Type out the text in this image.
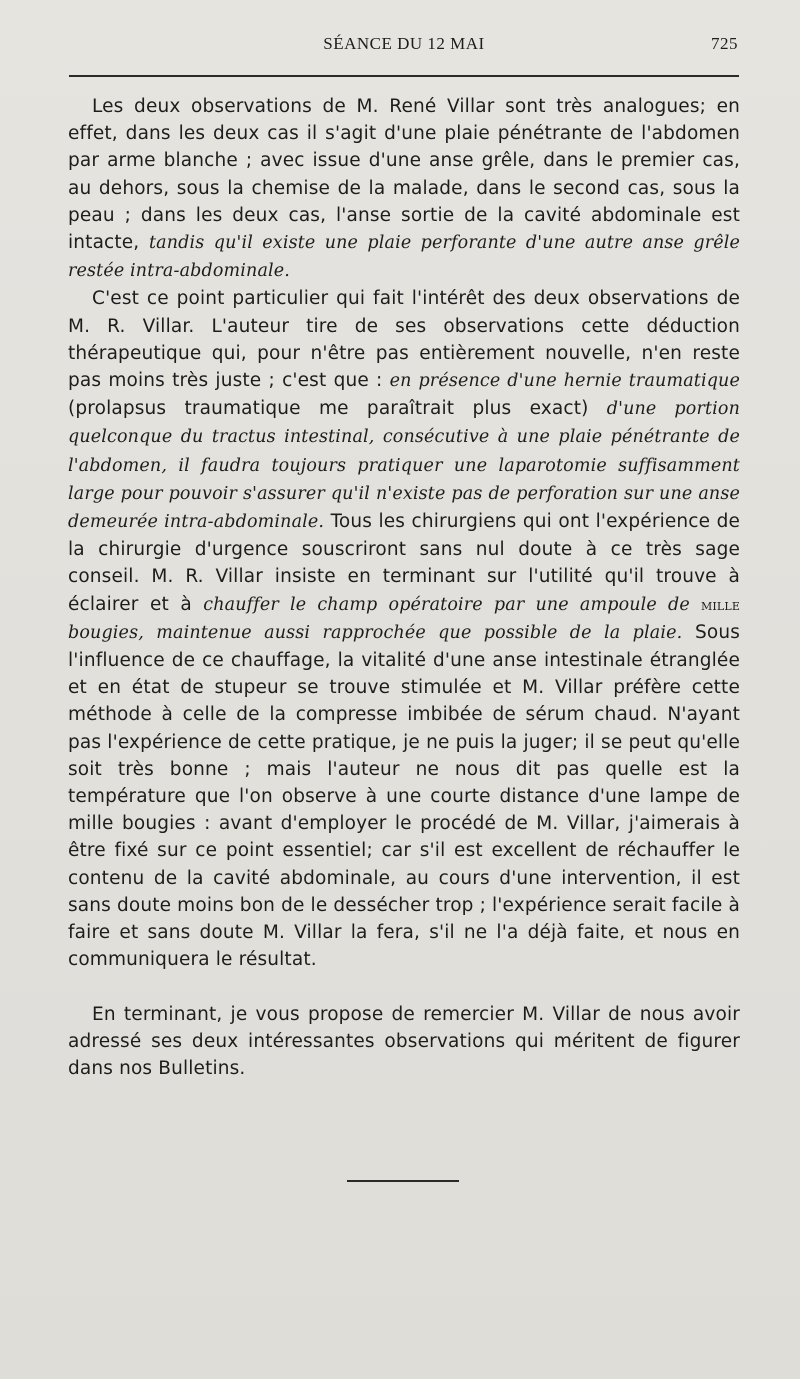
SÉANCE DU 12 MAI	725

Les deux observations de M. René Villar sont très analogues; en effet, dans les deux cas il s'agit d'une plaie pénétrante de l'abdomen par arme blanche ; avec issue d'une anse grêle, dans le premier cas, au dehors, sous la chemise de la malade, dans le second cas, sous la peau ; dans les deux cas, l'anse sortie de la cavité abdominale est intacte, tandis qu'il existe une plaie perforante d'une autre anse grêle restée intra-abdominale.

C'est ce point particulier qui fait l'intérêt des deux observations de M. R. Villar. L'auteur tire de ses observations cette déduction thérapeutique qui, pour n'être pas entièrement nouvelle, n'en reste pas moins très juste ; c'est que : en présence d'une hernie traumatique (prolapsus traumatique me paraîtrait plus exact) d'une portion quelconque du tractus intestinal, consécutive à une plaie pénétrante de l'abdomen, il faudra toujours pratiquer une laparotomie suffisamment large pour pouvoir s'assurer qu'il n'existe pas de perforation sur une anse demeurée intra-abdominale. Tous les chirurgiens qui ont l'expérience de la chirurgie d'urgence souscriront sans nul doute à ce très sage conseil. M. R. Villar insiste en terminant sur l'utilité qu'il trouve à éclairer et à chauffer le champ opératoire par une ampoule de mille bougies, maintenue aussi rapprochée que possible de la plaie. Sous l'influence de ce chauffage, la vitalité d'une anse intestinale étranglée et en état de stupeur se trouve stimulée et M. Villar préfère cette méthode à celle de la compresse imbibée de sérum chaud. N'ayant pas l'expérience de cette pratique, je ne puis la juger; il se peut qu'elle soit très bonne ; mais l'auteur ne nous dit pas quelle est la température que l'on observe à une courte distance d'une lampe de mille bougies : avant d'employer le procédé de M. Villar, j'aimerais à être fixé sur ce point essentiel; car s'il est excellent de réchauffer le contenu de la cavité abdominale, au cours d'une intervention, il est sans doute moins bon de le dessécher trop ; l'expérience serait facile à faire et sans doute M. Villar la fera, s'il ne l'a déjà faite, et nous en communiquera le résultat.

En terminant, je vous propose de remercier M. Villar de nous avoir adressé ses deux intéressantes observations qui méritent de figurer dans nos Bulletins.
